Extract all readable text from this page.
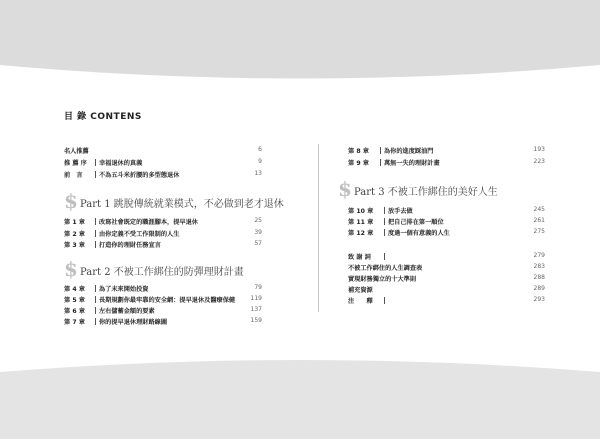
目 錄 CONTENS
名人推薦	6
推 薦 序 幸福退休的真義	9
前　言	不為五斗米折腰的多型態退休	13
$ Part 1 跳脫傳統就業模式，不必做到老才退休
第 1 章 改寫社會既定的職涯腳本，提早退休	25
第 2 章 由你定義不受工作限制的人生	39
第 3 章 打造你的理財任務宣言	57
$ Part 2 不被工作綁住的防彈理財計畫
第 4 章 為了未來開始投資	79
第 5 章 長期規劃你最牢靠的安全網：提早退休及醫療保健	119
第 6 章 左右儲蓄金額的要素	137
第 7 章 你的提早退休理財路線圖	159
第 8 章 為你的進度踩油門	193
第 9 章 萬無一失的理財計畫	223
$ Part 3 不被工作綁住的美好人生
第 10 章 放手去做	245
第 11 章 把自己排在第一順位	261
第 12 章 度過一個有意義的人生	275
致 謝 詞	279
不被工作綁住的人生調查表	283
實現財務獨立的十大準則	288
補充資源	289
注　　釋	293
